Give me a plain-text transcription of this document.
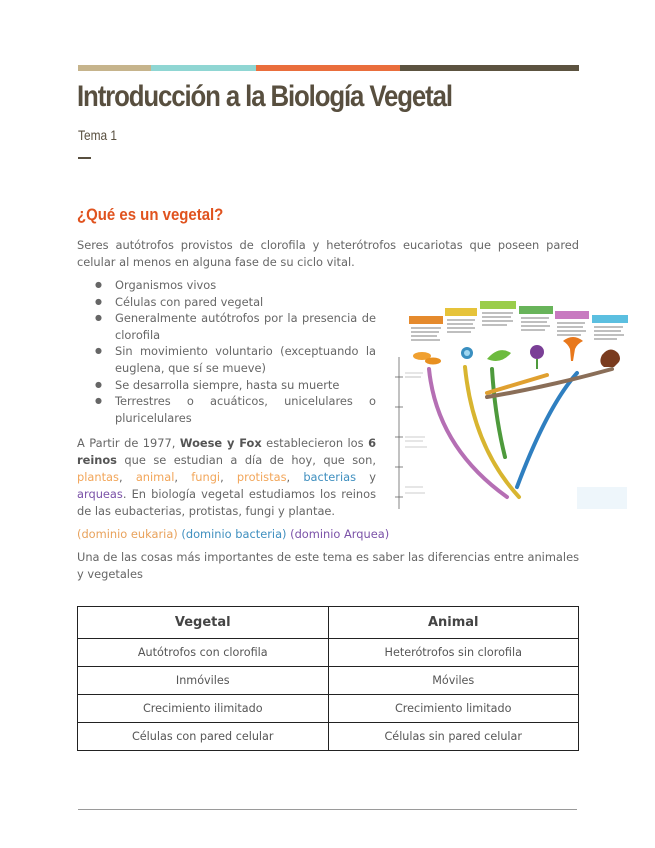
Introducción a la Biología Vegetal
Tema 1
¿Qué es un vegetal?
Seres autótrofos provistos de clorofila y heterótrofos eucariotas que poseen pared celular al menos en alguna fase de su ciclo vital.
● Organismos vivos
● Células con pared vegetal
● Generalmente autótrofos por la presencia de clorofila
● Sin movimiento voluntario (exceptuando la euglena, que sí se mueve)
● Se desarrolla siempre, hasta su muerte
● Terrestres o acuáticos, unicelulares o pluricelulares
A Partir de 1977, Woese y Fox establecieron los 6 reinos que se estudian a día de hoy, que son, plantas, animal, fungi, protistas, bacterias y arqueas. En biología vegetal estudiamos los reinos de las eubacterias, protistas, fungi y plantae.
(dominio eukaria) (dominio bacteria) (dominio Arquea)
Una de las cosas más importantes de este tema es saber las diferencias entre animales y vegetales
Vegetal	Animal
Autótrofos con clorofila	Heterótrofos sin clorofila
Inmóviles	Móviles
Crecimiento ilimitado	Crecimiento limitado
Células con pared celular	Células sin pared celular
